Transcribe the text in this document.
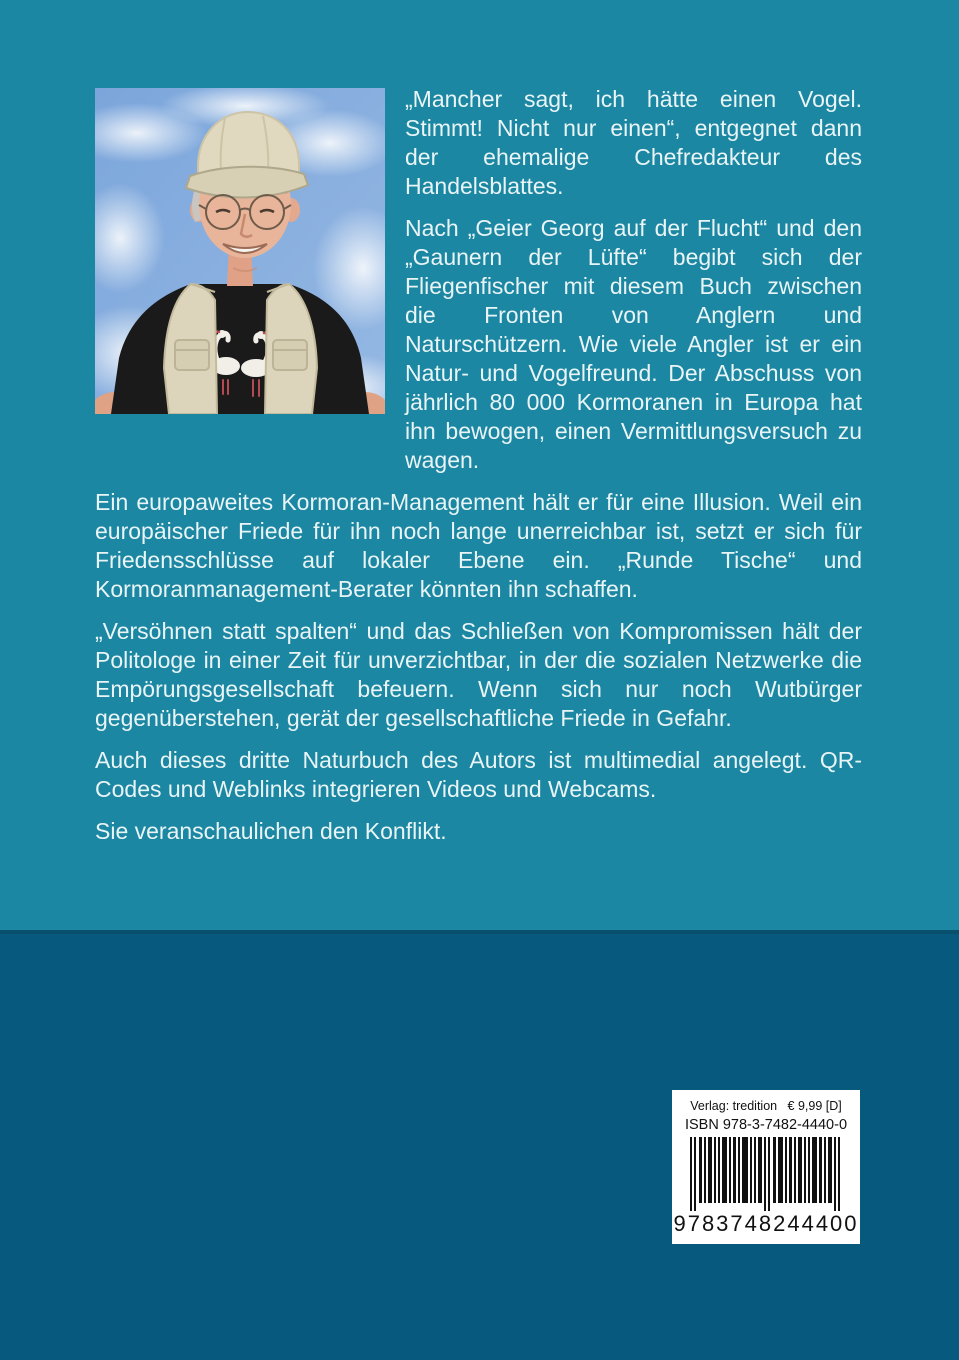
„Mancher sagt, ich hätte einen Vogel. Stimmt! Nicht nur einen“, entgegnet dann der ehemalige Chefredakteur des Handelsblattes.

Nach „Geier Georg auf der Flucht“ und den „Gaunern der Lüfte“ begibt sich der Fliegenfischer mit diesem Buch zwischen die Fronten von Anglern und Naturschützern. Wie viele Angler ist er ein Natur- und Vogelfreund. Der Abschuss von jährlich 80 000 Kormoranen in Europa hat ihn bewogen, einen Vermittlungsversuch zu wagen.

Ein europaweites Kormoran-Management hält er für eine Illusion. Weil ein europäischer Friede für ihn noch lange unerreichbar ist, setzt er sich für Friedensschlüsse auf lokaler Ebene ein. „Runde Tische“ und Kormoranmanagement-Berater könnten ihn schaffen.

„Versöhnen statt spalten“ und das Schließen von Kompromissen hält der Politologe in einer Zeit für unverzichtbar, in der die sozialen Netzwerke die Empörungsgesellschaft befeuern. Wenn sich nur noch Wutbürger gegenüberstehen, gerät der gesellschaftliche Friede in Gefahr.

Auch dieses dritte Naturbuch des Autors ist multimedial angelegt. QR-Codes und Weblinks integrieren Videos und Webcams.

Sie veranschaulichen den Konflikt.

Verlag: tredition   € 9,99 [D]
ISBN 978-3-7482-4440-0
9783748244400
